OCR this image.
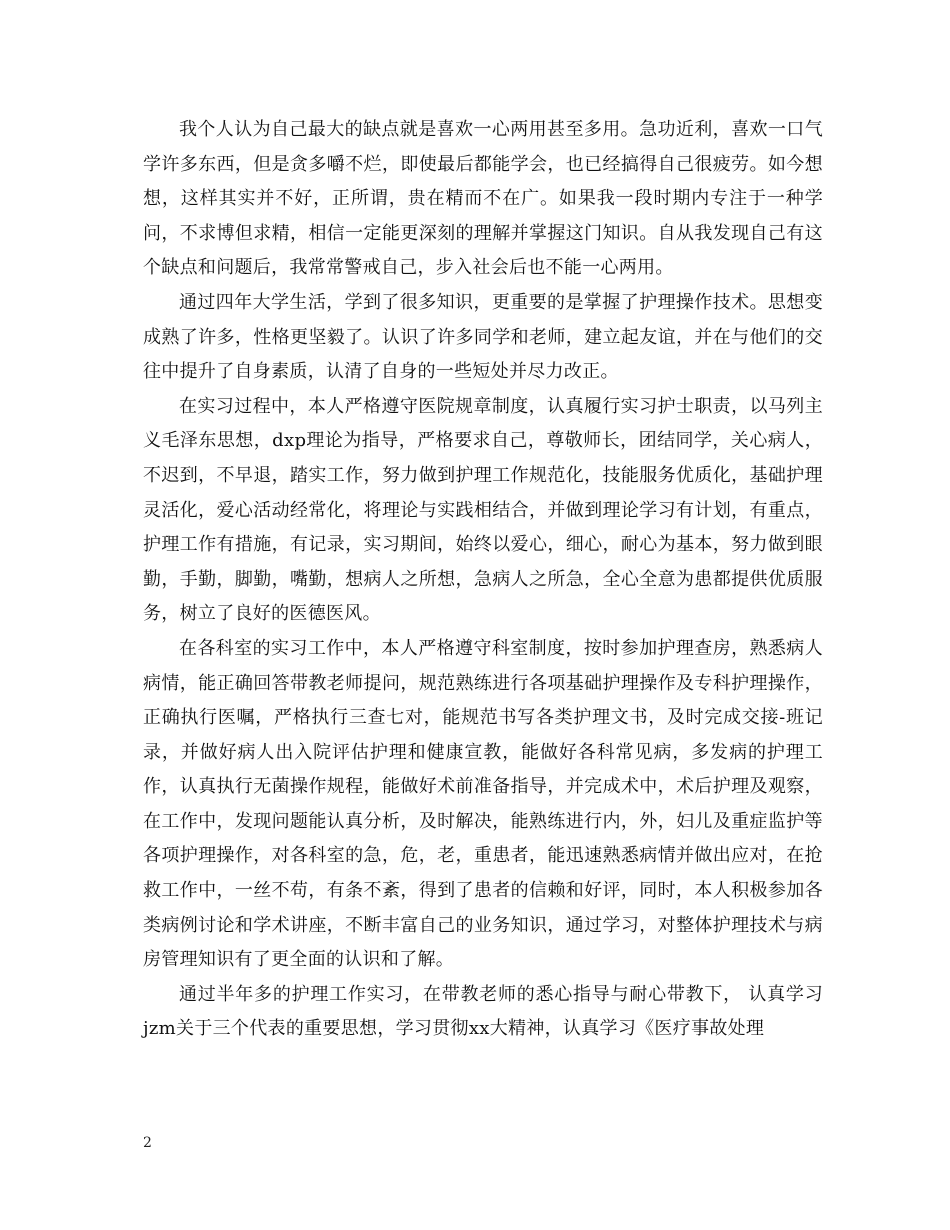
我个人认为自己最大的缺点就是喜欢一心两用甚至多用。急功近利，喜欢一口气学许多东西，但是贪多嚼不烂，即使最后都能学会，也已经搞得自己很疲劳。如今想想，这样其实并不好，正所谓，贵在精而不在广。如果我一段时期内专注于一种学问，不求博但求精，相信一定能更深刻的理解并掌握这门知识。自从我发现自己有这个缺点和问题后，我常常警戒自己，步入社会后也不能一心两用。

通过四年大学生活，学到了很多知识，更重要的是掌握了护理操作技术。思想变成熟了许多，性格更坚毅了。认识了许多同学和老师，建立起友谊，并在与他们的交往中提升了自身素质，认清了自身的一些短处并尽力改正。

在实习过程中，本人严格遵守医院规章制度，认真履行实习护士职责，以马列主义毛泽东思想，dxp理论为指导，严格要求自己，尊敬师长，团结同学，关心病人，不迟到，不早退，踏实工作，努力做到护理工作规范化，技能服务优质化，基础护理灵活化，爱心活动经常化，将理论与实践相结合，并做到理论学习有计划，有重点，护理工作有措施，有记录，实习期间，始终以爱心，细心，耐心为基本，努力做到眼勤，手勤，脚勤，嘴勤，想病人之所想，急病人之所急，全心全意为患都提供优质服务，树立了良好的医德医风。

在各科室的实习工作中，本人严格遵守科室制度，按时参加护理查房，熟悉病人病情，能正确回答带教老师提问，规范熟练进行各项基础护理操作及专科护理操作，正确执行医嘱，严格执行三查七对，能规范书写各类护理文书，及时完成交接-班记录，并做好病人出入院评估护理和健康宣教，能做好各科常见病，多发病的护理工作，认真执行无菌操作规程，能做好术前准备指导，并完成术中，术后护理及观察，在工作中，发现问题能认真分析，及时解决，能熟练进行内，外，妇儿及重症监护等各项护理操作，对各科室的急，危，老，重患者，能迅速熟悉病情并做出应对，在抢救工作中，一丝不苟，有条不紊，得到了患者的信赖和好评，同时，本人积极参加各类病例讨论和学术讲座，不断丰富自己的业务知识，通过学习，对整体护理技术与病房管理知识有了更全面的认识和了解。

通过半年多的护理工作实习，在带教老师的悉心指导与耐心带教下， 认真学习jzm关于三个代表的重要思想，学习贯彻xx大精神，认真学习《医疗事故处理

2
